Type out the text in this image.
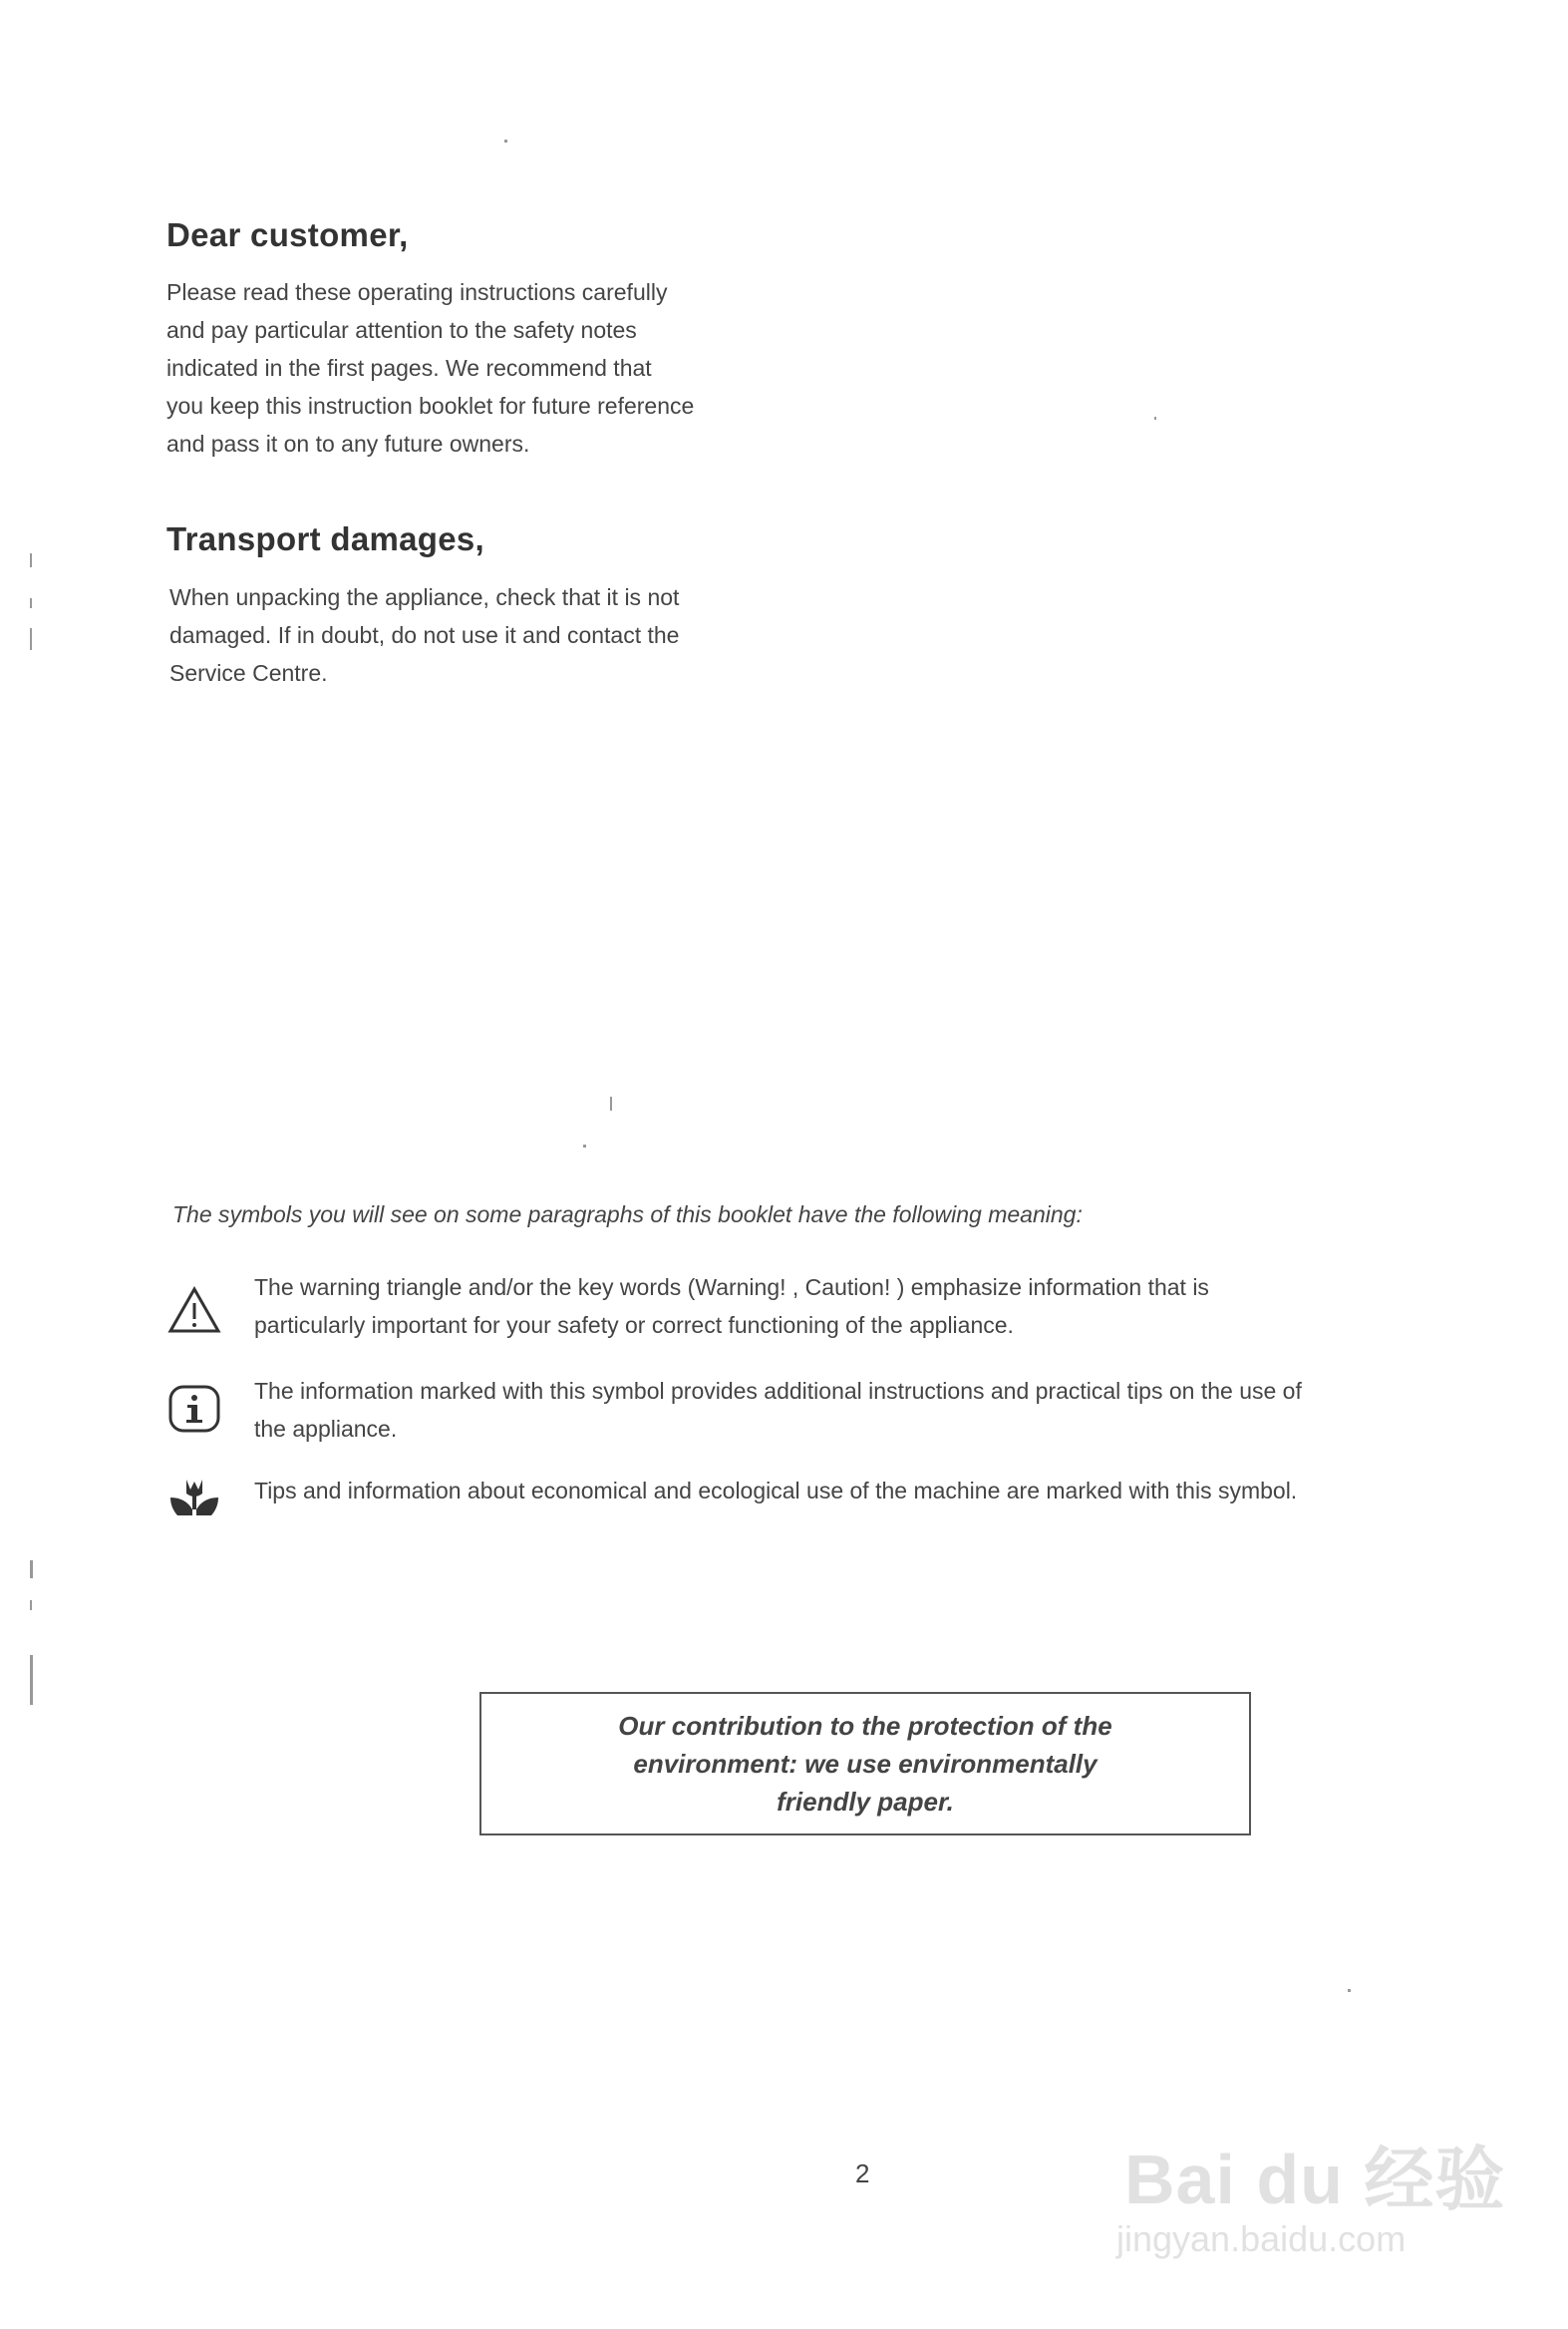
Dear customer,

Please read these operating instructions carefully
and pay particular attention to the safety notes
indicated in the first pages. We recommend that
you keep this instruction booklet for future reference
and pass it on to any future owners.

Transport damages,

When unpacking the appliance, check that it is not
damaged. If in doubt, do not use it and contact the
Service Centre.

The symbols you will see on some paragraphs of this booklet have the following meaning:

The warning triangle and/or the key words (Warning! , Caution! ) emphasize information that is
particularly important for your safety or correct functioning of the appliance.
The information marked with this symbol provides additional instructions and practical tips on the use of
the appliance.
Tips and information about economical and ecological use of the machine are marked with this symbol.
Our contribution to the protection of the
environment: we use environmentally
friendly paper.
2	Bai du 经验
jingyan.baidu.com
